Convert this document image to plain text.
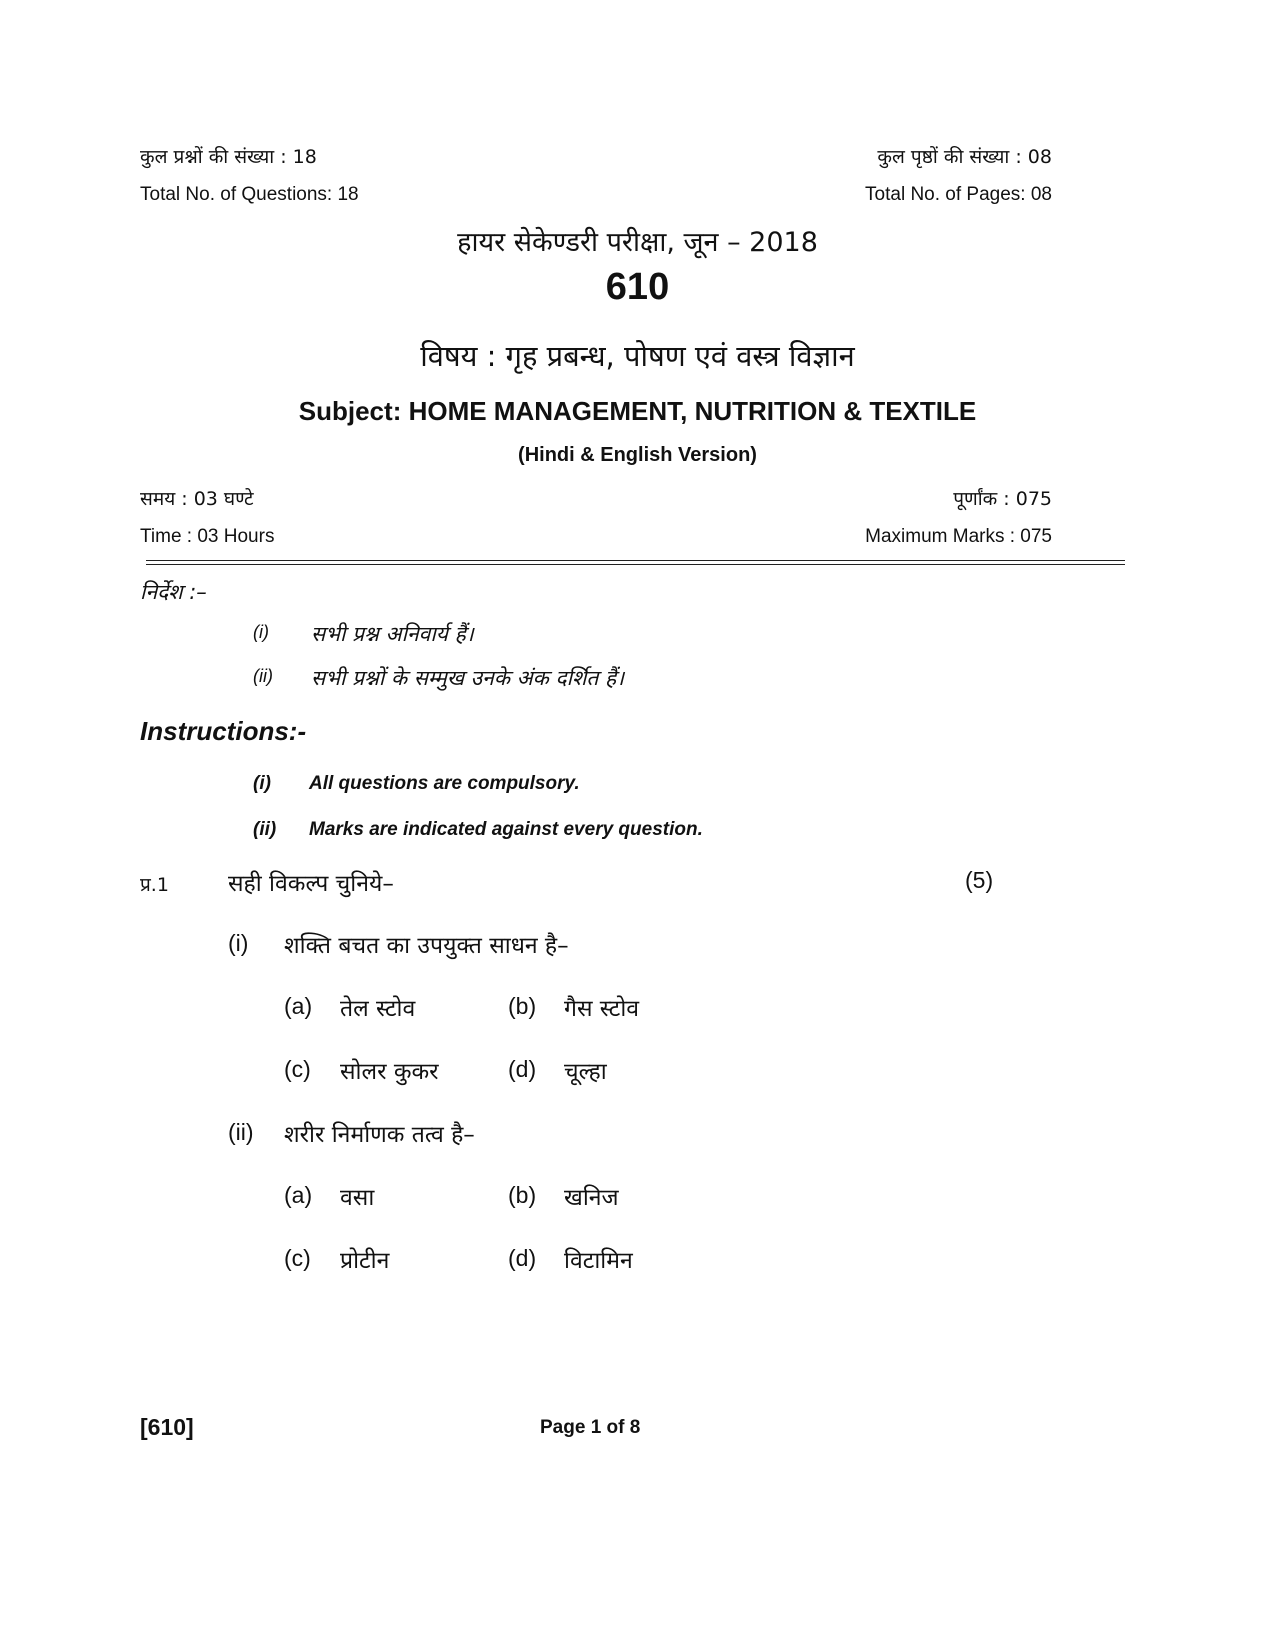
कुल प्रश्नों की संख्या : 18	कुल पृष्ठों की संख्या : 08
Total No. of Questions: 18	Total No. of Pages: 08
हायर सेकेण्डरी परीक्षा, जून – 2018
610
विषय : गृह प्रबन्ध, पोषण एवं वस्त्र विज्ञान
Subject: HOME MANAGEMENT, NUTRITION & TEXTILE
(Hindi & English Version)
समय : 03 घण्टे	पूर्णांक : 075
Time : 03 Hours	Maximum Marks : 075
निर्देश :–
(i) सभी प्रश्न अनिवार्य हैं।
(ii) सभी प्रश्नों के सम्मुख उनके अंक दर्शित हैं।
Instructions:-
(i) All questions are compulsory.
(ii) Marks are indicated against every question.
प्र.1	सही विकल्प चुनिये–	(5)
(i) शक्ति बचत का उपयुक्त साधन है–
(a) तेल स्टोव	(b) गैस स्टोव
(c) सोलर कुकर	(d) चूल्हा
(ii) शरीर निर्माणक तत्व है–
(a) वसा	(b) खनिज
(c) प्रोटीन	(d) विटामिन
[610]	Page 1 of 8
